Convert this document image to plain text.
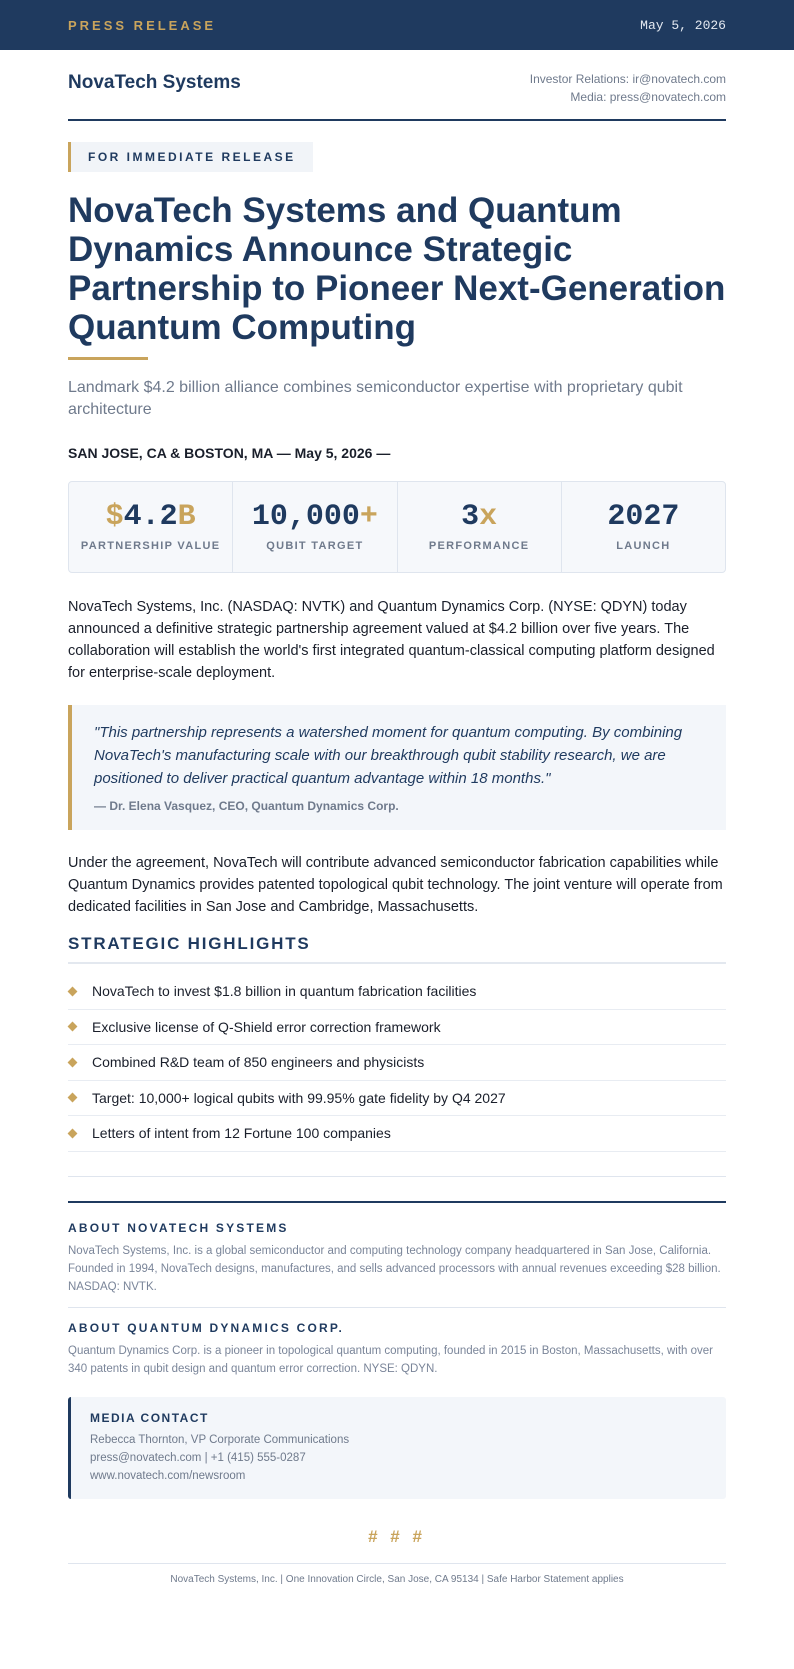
PRESS RELEASE	May 5, 2026
NovaTech Systems	Investor Relations: ir@novatech.com
Media: press@novatech.com
FOR IMMEDIATE RELEASE
NovaTech Systems and Quantum Dynamics Announce Strategic Partnership to Pioneer Next-Generation Quantum Computing

Landmark $4.2 billion alliance combines semiconductor expertise with proprietary qubit architecture

SAN JOSE, CA & BOSTON, MA — May 5, 2026 —

$4.2B
PARTNERSHIP VALUE
10,000+
QUBIT TARGET
3x
PERFORMANCE
2027
LAUNCH

NovaTech Systems, Inc. (NASDAQ: NVTK) and Quantum Dynamics Corp. (NYSE: QDYN) today announced a definitive strategic partnership agreement valued at $4.2 billion over five years. The collaboration will establish the world's first integrated quantum-classical computing platform designed for enterprise-scale deployment.

"This partnership represents a watershed moment for quantum computing. By combining NovaTech's manufacturing scale with our breakthrough qubit stability research, we are positioned to deliver practical quantum advantage within 18 months."

— Dr. Elena Vasquez, CEO, Quantum Dynamics Corp.

Under the agreement, NovaTech will contribute advanced semiconductor fabrication capabilities while Quantum Dynamics provides patented topological qubit technology. The joint venture will operate from dedicated facilities in San Jose and Cambridge, Massachusetts.

STRATEGIC HIGHLIGHTS
NovaTech to invest $1.8 billion in quantum fabrication facilities
Exclusive license of Q-Shield error correction framework
Combined R&D team of 850 engineers and physicists
Target: 10,000+ logical qubits with 99.95% gate fidelity by Q4 2027
Letters of intent from 12 Fortune 100 companies
ABOUT NOVATECH SYSTEMS

NovaTech Systems, Inc. is a global semiconductor and computing technology company headquartered in San Jose, California. Founded in 1994, NovaTech designs, manufactures, and sells advanced processors with annual revenues exceeding $28 billion. NASDAQ: NVTK.

ABOUT QUANTUM DYNAMICS CORP.

Quantum Dynamics Corp. is a pioneer in topological quantum computing, founded in 2015 in Boston, Massachusetts, with over 340 patents in qubit design and quantum error correction. NYSE: QDYN.

MEDIA CONTACT
Rebecca Thornton, VP Corporate Communications
press@novatech.com | +1 (415) 555-0287
www.novatech.com/newsroom
# # #
NovaTech Systems, Inc. | One Innovation Circle, San Jose, CA 95134 | Safe Harbor Statement applies
